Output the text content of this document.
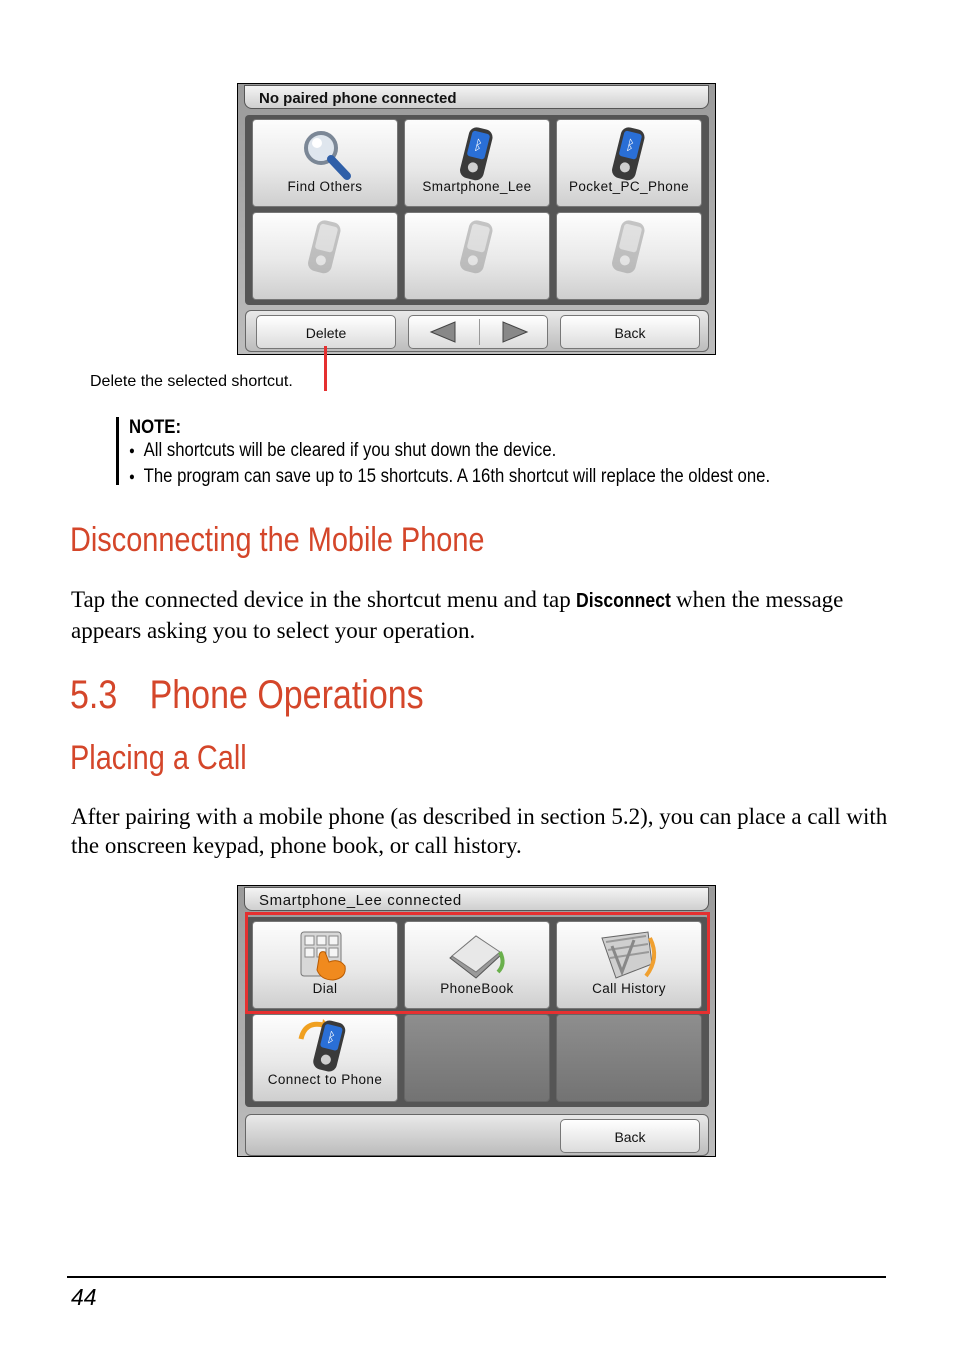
No paired phone connected
Find Others
ᛒ
Smartphone_Lee
ᛒ
Pocket_PC_Phone
Delete	Back
Delete the selected shortcut.
NOTE:
● All shortcuts will be cleared if you shut down the device.
● The program can save up to 15 shortcuts. A 16th shortcut will replace the oldest one.
Disconnecting the Mobile Phone
Tap the connected device in the shortcut menu and tap Disconnect when the message appears asking you to select your operation.
5.3 Phone Operations
Placing a Call
After pairing with a mobile phone (as described in section 5.2), you can place a call with the onscreen keypad, phone book, or call history.
Smartphone_Lee connected
Dial	PhoneBook	Call History
ᛒ
Connect to Phone
Back
44
